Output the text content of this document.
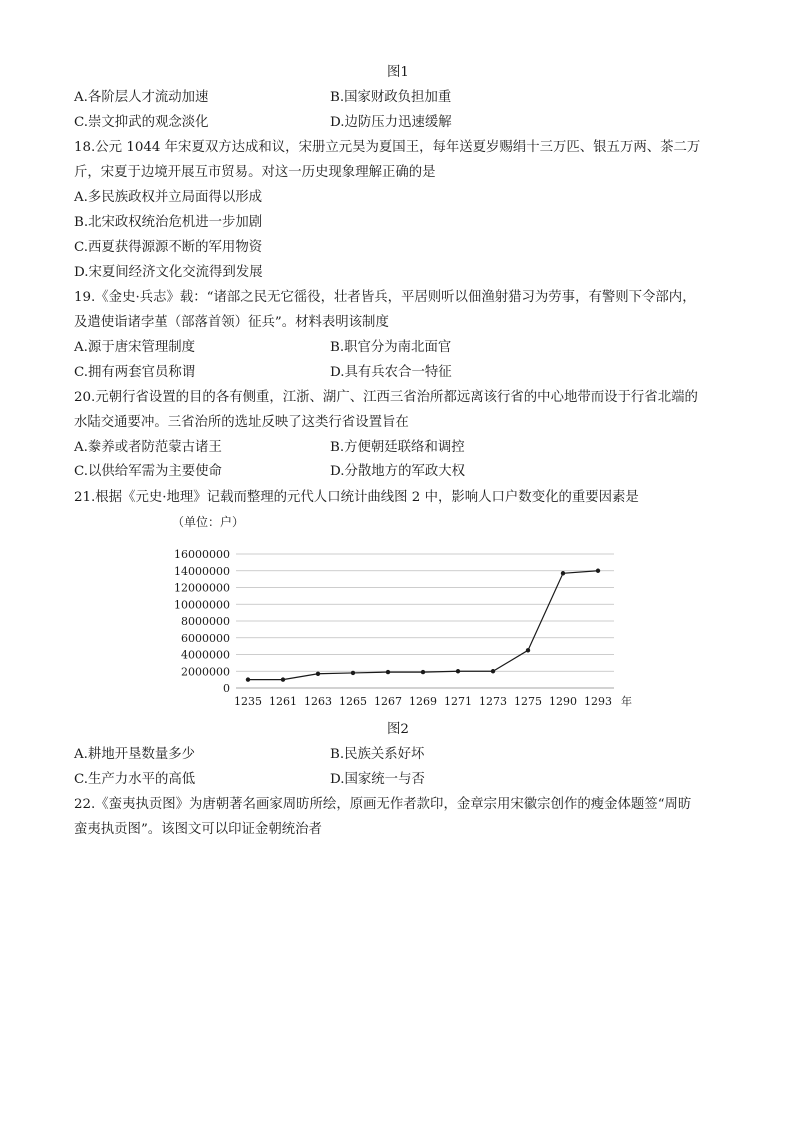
图1
A.各阶层人才流动加速	B.国家财政负担加重
C.崇文抑武的观念淡化	D.边防压力迅速缓解
18.公元 1044 年宋夏双方达成和议，宋册立元昊为夏国王，每年送夏岁赐绢十三万匹、银五万两、茶二万
斤，宋夏于边境开展互市贸易。对这一历史现象理解正确的是
A.多民族政权并立局面得以形成
B.北宋政权统治危机进一步加剧
C.西夏获得源源不断的军用物资
D.宋夏间经济文化交流得到发展
19.《金史·兵志》载：“诸部之民无它徭役，壮者皆兵，平居则听以佃渔射猎习为劳事，有警则下令部内，
及遣使诣诸孛堇（部落首领）征兵”。材料表明该制度
A.源于唐宋管理制度	B.职官分为南北面官
C.拥有两套官员称谓	D.具有兵农合一特征
20.元朝行省设置的目的各有侧重，江浙、湖广、江西三省治所都远离该行省的中心地带而设于行省北端的
水陆交通要冲。三省治所的选址反映了这类行省设置旨在
A.豢养或者防范蒙古诸王	B.方便朝廷联络和调控
C.以供给军需为主要使命	D.分散地方的军政大权
21.根据《元史·地理》记载而整理的元代人口统计曲线图 2 中，影响人口户数变化的重要因素是
16000000
14000000
12000000
10000000
8000000
6000000
4000000
2000000
0
1235 1261 1263 1265 1267 1269 1271 1273 1275 1290 1293 年
（单位：户）
图2
A.耕地开垦数量多少	B.民族关系好坏
C.生产力水平的高低	D.国家统一与否
22.《蛮夷执贡图》为唐朝著名画家周昉所绘，原画无作者款印，金章宗用宋徽宗创作的瘦金体题签“周昉
蛮夷执贡图”。该图文可以印证金朝统治者
